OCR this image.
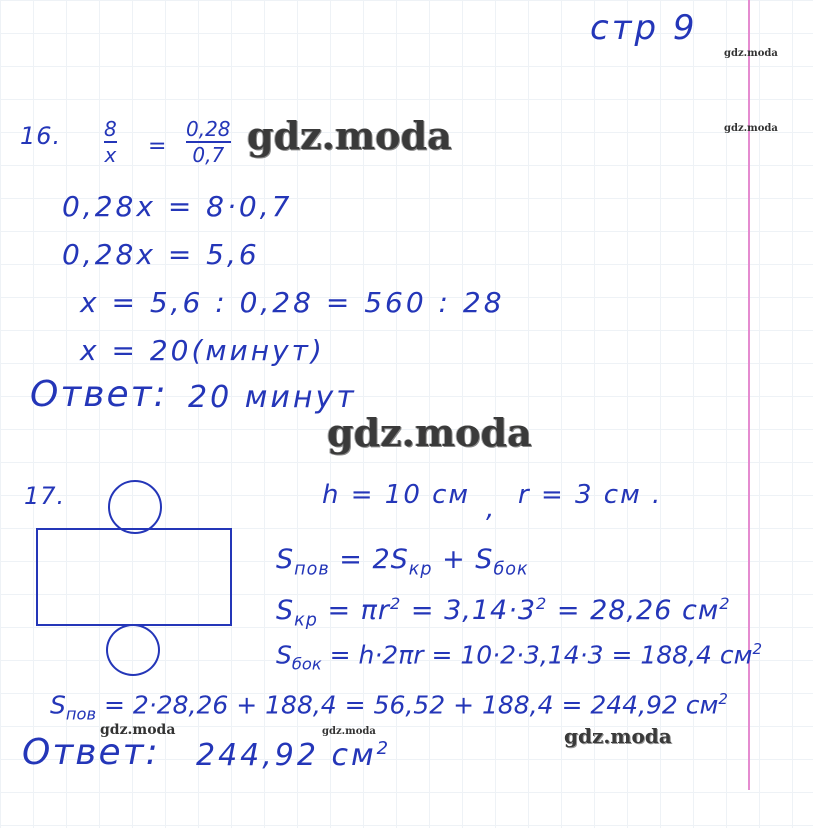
стр 9
gdz.moda
gdz.moda
gdz.moda
gdz.moda
gdz.moda	gdz.moda	gdz.moda
16. 8
x =
0,28
0,7
0,28x = 8·0,7
0,28x = 5,6
x = 5,6 : 0,28 = 560 : 28
x = 20(минут)
Ответ: 20 минут
17.	h = 10 см , r = 3 см .
$S_{пов} = 2S_{кр} + S_{бок}$
$S_{кр} = \pi r^2 = 3,14\cdot 3^2 = 28,26$ $см^2$
$S_{бок} = h\cdot 2\pi r = 10\cdot 2\cdot 3,14\cdot 3 = 188,4$ $см^2$
$S_{пов} = 2\cdot 28,26 + 188,4 = 56,52 + 188,4 = 244,92$ $см^2$
Ответ: 244,92 $см^2$
